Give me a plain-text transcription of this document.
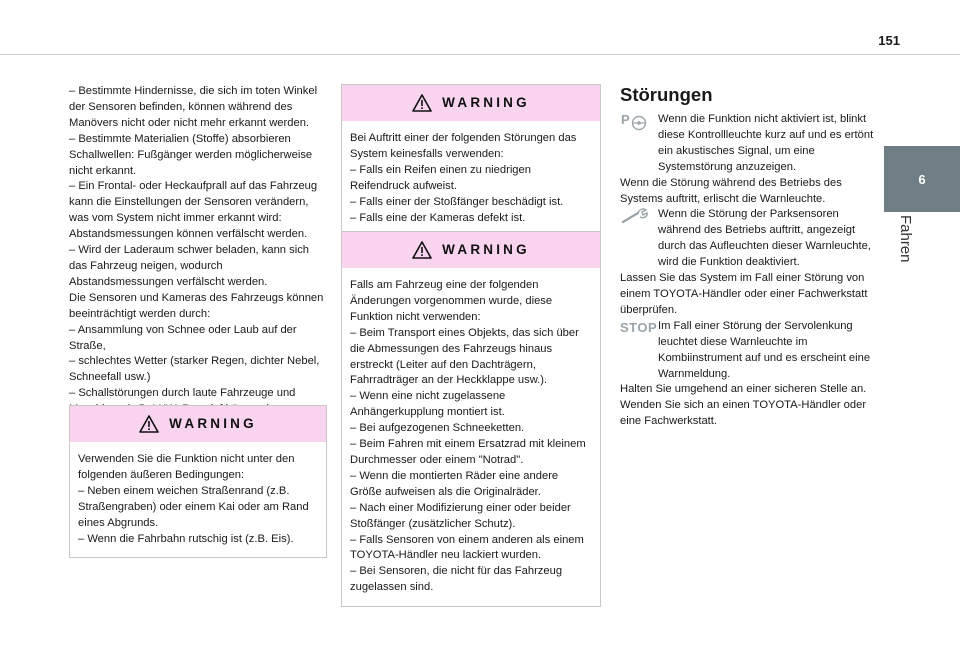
151
6
Fahren

– Bestimmte Hindernisse, die sich im toten Winkel der Sensoren befinden, können während des Manövers nicht oder nicht mehr erkannt werden.

– Bestimmte Materialien (Stoffe) absorbieren Schallwellen: Fußgänger werden möglicherweise nicht erkannt.

– Ein Frontal- oder Heckaufprall auf das Fahrzeug kann die Einstellungen der Sensoren verändern, was vom System nicht immer erkannt wird: Abstandsmessungen können verfälscht werden.

– Wird der Laderaum schwer beladen, kann sich das Fahrzeug neigen, wodurch Abstandsmessungen verfälscht werden.

Die Sensoren und Kameras des Fahrzeugs können beeinträchtigt werden durch:

– Ansammlung von Schnee oder Laub auf der Straße,

– schlechtes Wetter (starker Regen, dichter Nebel, Schneefall usw.)

– Schallstörungen durch laute Fahrzeuge und

WARNING

Verwenden Sie die Funktion nicht unter den folgenden äußeren Bedingungen:

– Neben einem weichen Straßenrand (z.B. Straßengraben) oder einem Kai oder am Rand eines Abgrunds.

– Wenn die Fahrbahn rutschig ist (z.B. Eis).

WARNING

Bei Auftritt einer der folgenden Störungen das System keinesfalls verwenden:

– Falls ein Reifen einen zu niedrigen Reifendruck aufweist.

– Falls einer der Stoßfänger beschädigt ist.

– Falls eine der Kameras defekt ist.

WARNING

Falls am Fahrzeug eine der folgenden Änderungen vorgenommen wurde, diese Funktion nicht verwenden:

– Beim Transport eines Objekts, das sich über die Abmessungen des Fahrzeugs hinaus erstreckt (Leiter auf den Dachträgern, Fahrradträger an der Heckklappe usw.).

– Wenn eine nicht zugelassene Anhängerkupplung montiert ist.

– Bei aufgezogenen Schneeketten.

– Beim Fahren mit einem Ersatzrad mit kleinem Durchmesser oder einem "Notrad".

– Wenn die montierten Räder eine andere Größe aufweisen als die Originalräder.

– Nach einer Modifizierung einer oder beider Stoßfänger (zusätzlicher Schutz).

– Falls Sensoren von einem anderen als einem TOYOTA-Händler neu lackiert wurden.

– Bei Sensoren, die nicht für das Fahrzeug zugelassen sind.

Störungen
P	Wenn die Funktion nicht aktiviert ist, blinkt diese Kontrollleuchte kurz auf und es ertönt ein akustisches Signal, um eine Systemstörung anzuzeigen.

Wenn die Störung während des Betriebs des Systems auftritt, erlischt die Warnleuchte.

Wenn die Störung der Parksensoren während des Betriebs auftritt, angezeigt durch das Aufleuchten dieser Warnleuchte, wird die Funktion deaktiviert.

Lassen Sie das System im Fall einer Störung von einem TOYOTA-Händler oder einer Fachwerkstatt überprüfen.

STOP Im Fall einer Störung der Servolenkung leuchtet diese Warnleuchte im Kombiinstrument auf und es erscheint eine Warnmeldung.

Halten Sie umgehend an einer sicheren Stelle an. Wenden Sie sich an einen TOYOTA-Händler oder eine Fachwerkstatt.
